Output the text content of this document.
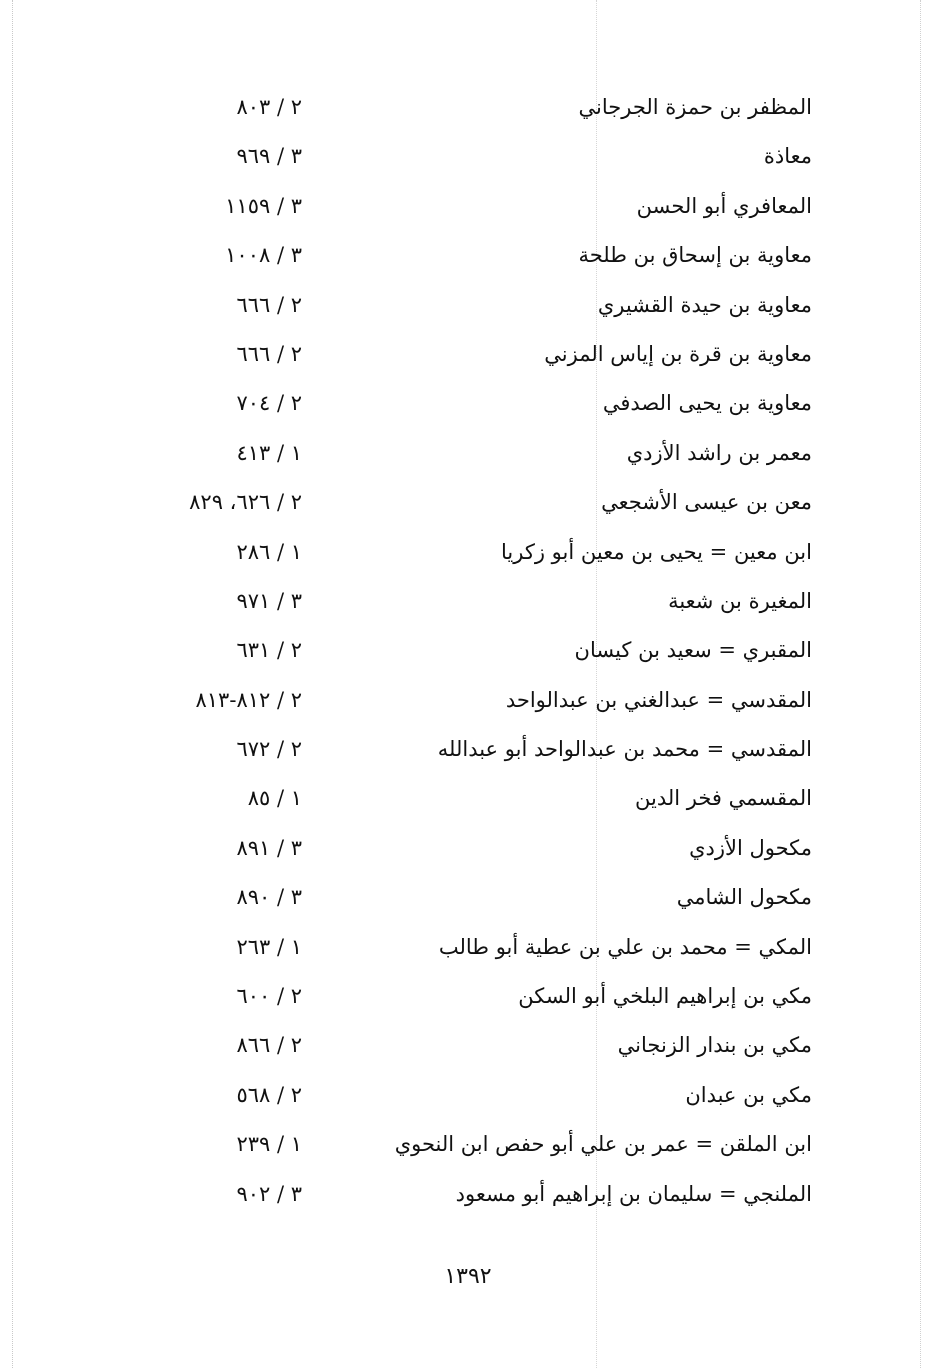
المظفر بن حمزة الجرجاني
٢ / ٨٠٣
معاذة
٣ / ٩٦٩
المعافري أبو الحسن
٣ / ١١٥٩
معاوية بن إسحاق بن طلحة
٣ / ١٠٠٨
معاوية بن حيدة القشيري
٢ / ٦٦٦
معاوية بن قرة بن إياس المزني
٢ / ٦٦٦
معاوية بن يحيى الصدفي
٢ / ٧٠٤
معمر بن راشد الأزدي
١ / ٤١٣
معن بن عيسى الأشجعي
٢ / ٦٢٦، ٨٢٩
ابن معين = يحيى بن معين أبو زكريا
١ / ٢٨٦
المغيرة بن شعبة
٣ / ٩٧١
المقبري = سعيد بن كيسان
٢ / ٦٣١
المقدسي = عبدالغني بن عبدالواحد
٢ / ٨١٢-٨١٣
المقدسي = محمد بن عبدالواحد أبو عبدالله
٢ / ٦٧٢
المقسمي فخر الدين
١ / ٨٥
مكحول الأزدي
٣ / ٨٩١
مكحول الشامي
٣ / ٨٩٠
المكي = محمد بن علي بن عطية أبو طالب
١ / ٢٦٣
مكي بن إبراهيم البلخي أبو السكن
٢ / ٦٠٠
مكي بن بندار الزنجاني
٢ / ٨٦٦
مكي بن عبدان
٢ / ٥٦٨
ابن الملقن = عمر بن علي أبو حفص ابن النحوي
١ / ٢٣٩
الملنجي = سليمان بن إبراهيم أبو مسعود
٣ / ٩٠٢
١٣٩٢
